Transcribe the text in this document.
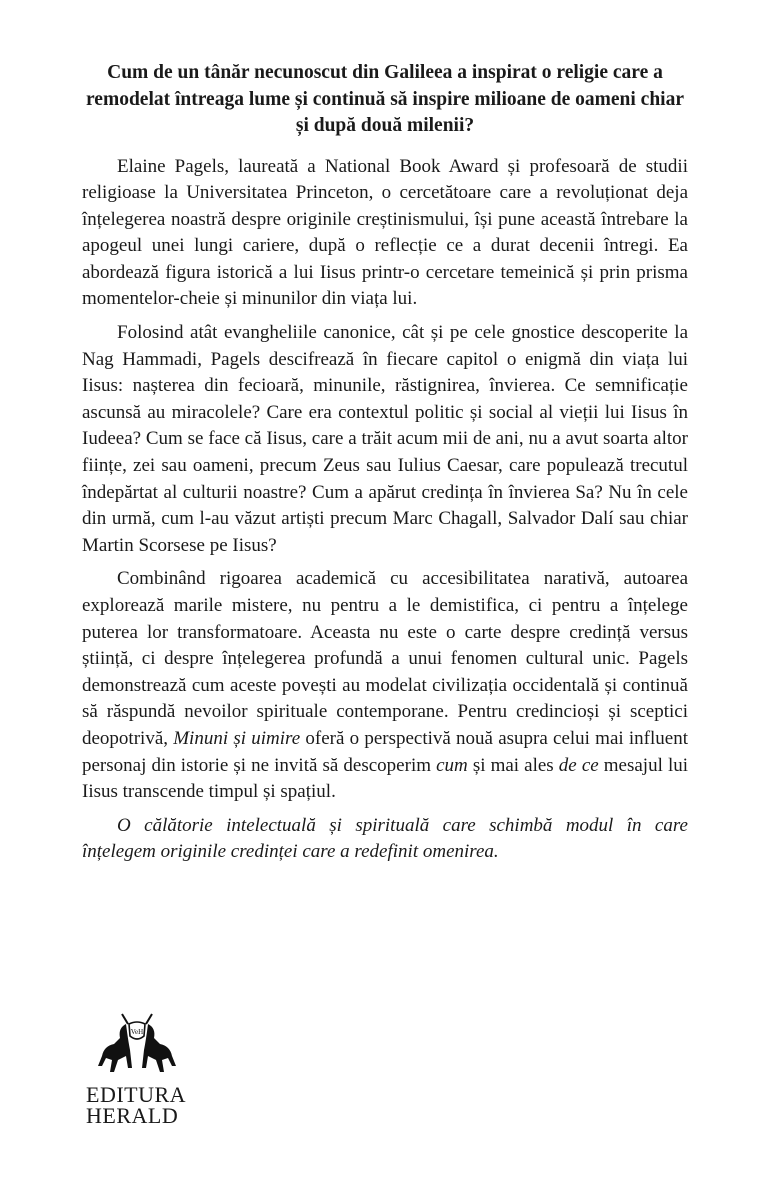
Cum de un tânăr necunoscut din Galileea a inspirat o religie care a remodelat întreaga lume și continuă să inspire milioane de oameni chiar și după două milenii?

Elaine Pagels, laureată a National Book Award și profesoară de studii religioase la Universitatea Princeton, o cercetătoare care a revoluționat deja înțelegerea noastră despre originile creștinismului, își pune această întrebare la apogeul unei lungi cariere, după o reflecție ce a durat decenii întregi. Ea abordează figura istorică a lui Iisus printr-o cercetare temeinică și prin prisma momentelor-cheie și minunilor din viața lui.

Folosind atât evangheliile canonice, cât și pe cele gnostice descoperite la Nag Hammadi, Pagels descifrează în fiecare capitol o enigmă din viața lui Iisus: nașterea din fecioară, minunile, răstignirea, învierea. Ce semnificație ascunsă au miracolele? Care era contextul politic și social al vieții lui Iisus în Iudeea? Cum se face că Iisus, care a trăit acum mii de ani, nu a avut soarta altor ființe, zei sau oameni, precum Zeus sau Iulius Caesar, care populează trecutul îndepărtat al culturii noastre? Cum a apărut credința în învierea Sa? Nu în cele din urmă, cum l-au văzut artiști precum Marc Chagall, Salvador Dalí sau chiar Martin Scorsese pe Iisus?

Combinând rigoarea academică cu accesibilitatea narativă, autoarea explorează marile mistere, nu pentru a le demistifica, ci pentru a înțelege puterea lor transformatoare. Aceasta nu este o carte despre credință versus știință, ci despre înțelegerea profundă a unui fenomen cultural unic. Pagels demonstrează cum aceste povești au modelat civilizația occidentală și continuă să răspundă nevoilor spirituale contemporane. Pentru credincioși și sceptici deopotrivă, Minuni și uimire oferă o perspectivă nouă asupra celui mai influent personaj din istorie și ne invită să descoperim cum și mai ales de ce mesajul lui Iisus transcende timpul și spațiul.

O călătorie intelectuală și spirituală care schimbă modul în care înțelegem originile credinței care a redefinit omenirea.

VeH
EDITURA
HERALD
